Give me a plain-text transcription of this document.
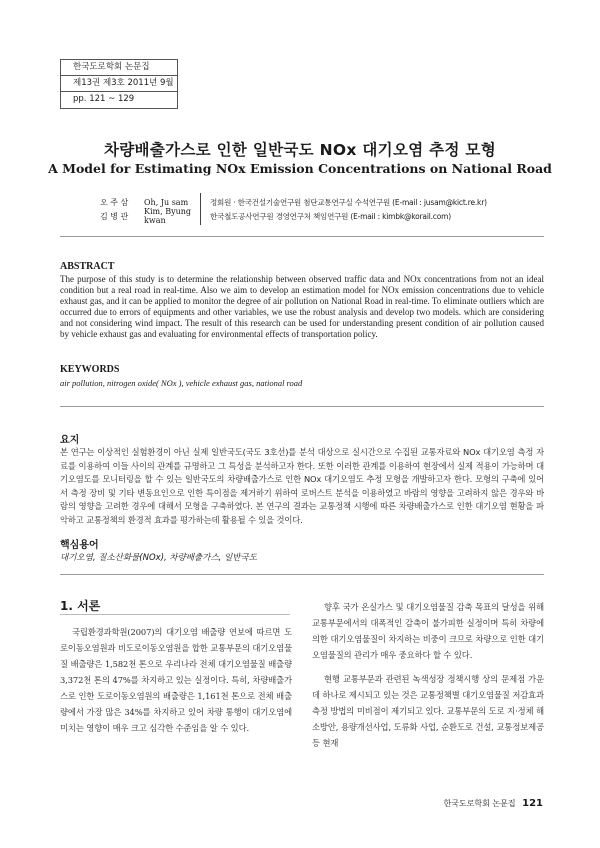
한국도로학회 논문집
제13권 제3호 2011년 9월
pp. 121 ~ 129
차량배출가스로 인한 일반국도 NOx 대기오염 추정 모형
A Model for Estimating NOx Emission Concentrations on National Road
오 주 삼	Oh, Ju sam	정회원 · 한국건설기술연구원 첨단교통연구실 수석연구원 (E-mail : jusam@kict.re.kr)
김 병 관	Kim, Byung kwan	한국철도공사연구원 경영연구처 책임연구원 (E-mail : kimbk@korail.com)
ABSTRACT
The purpose of this study is to determine the relationship between observed traffic data and NOx concentrations from not an ideal condition but a real road in real-time. Also we aim to develop an estimation model for NOx emission concentrations due to vehicle exhaust gas, and it can be applied to monitor the degree of air pollution on National Road in real-time. To eliminate outliers which are occurred due to errors of equipments and other variables, we use the robust analysis and develop two models. which are considering and not considering wind impact. The result of this research can be used for understanding present condition of air pollution caused by vehicle exhaust gas and evaluating for environmental effects of transportation policy.
KEYWORDS
air pollution, nitrogen oxide( NOx ), vehicle exhaust gas, national road
요지
본 연구는 이상적인 실험환경이 아닌 실제 일반국도(국도 3호선)를 분석 대상으로 실시간으로 수집된 교통자료와 NOx 대기오염 측정 자료를 이용하여 이들 사이의 관계를 규명하고 그 특성을 분석하고자 한다. 또한 이러한 관계를 이용하여 현장에서 실제 적용이 가능하며 대기오염도를 모니터링을 할 수 있는 일반국도의 차량배출가스로 인한 NOx 대기오염도 추정 모형을 개발하고자 한다. 모형의 구축에 있어서 측정 장비 및 기타 변동요인으로 인한 특이점을 제거하기 위하여 로버스트 분석을 이용하였고 바람의 영향을 고려하지 않은 경우와 바람의 영향을 고려한 경우에 대해서 모형을 구축하였다. 본 연구의 결과는 교통정책 시행에 따른 차량배출가스로 인한 대기오염 현황을 파악하고 교통정책의 환경적 효과를 평가하는데 활용될 수 있을 것이다.
핵심용어
대기오염, 질소산화물(NOx), 차량배출가스, 일반국도
1. 서론

국립환경과학원(2007)의 대기오염 배출량 연보에 따르면 도로이동오염원과 비도로이동오염원을 합한 교통부문의 대기오염물질 배출량은 1,582천 톤으로 우리나라 전체 대기오염물질 배출량 3,372천 톤의 47%를 차지하고 있는 실정이다. 특히, 차량배출가스로 인한 도로이동오염원의 배출량은 1,161천 톤으로 전체 배출량에서 가장 많은 34%를 차지하고 있어 차량 통행이 대기오염에 미치는 영향이 매우 크고 심각한 수준임을 알 수 있다.

향후 국가 온실가스 및 대기오염물질 감축 목표의 달성을 위해 교통부문에서의 대폭적인 감축이 불가피한 실정이며 특히 차량에 의한 대기오염물질이 차지하는 비중이 크므로 차량으로 인한 대기오염물질의 관리가 매우 중요하다 할 수 있다.

현행 교통부문과 관련된 녹색성장 정책시행 상의 문제점 가운데 하나로 제시되고 있는 것은 교통정책별 대기오염물질 저감효과 측정 방법의 미비점이 제기되고 있다. 교통부문의 도로 지·정체 해소방안, 용량개선사업, 도류화 사업, 순환도로 건설, 교통정보제공 등 현재

한국도로학회 논문집 121
